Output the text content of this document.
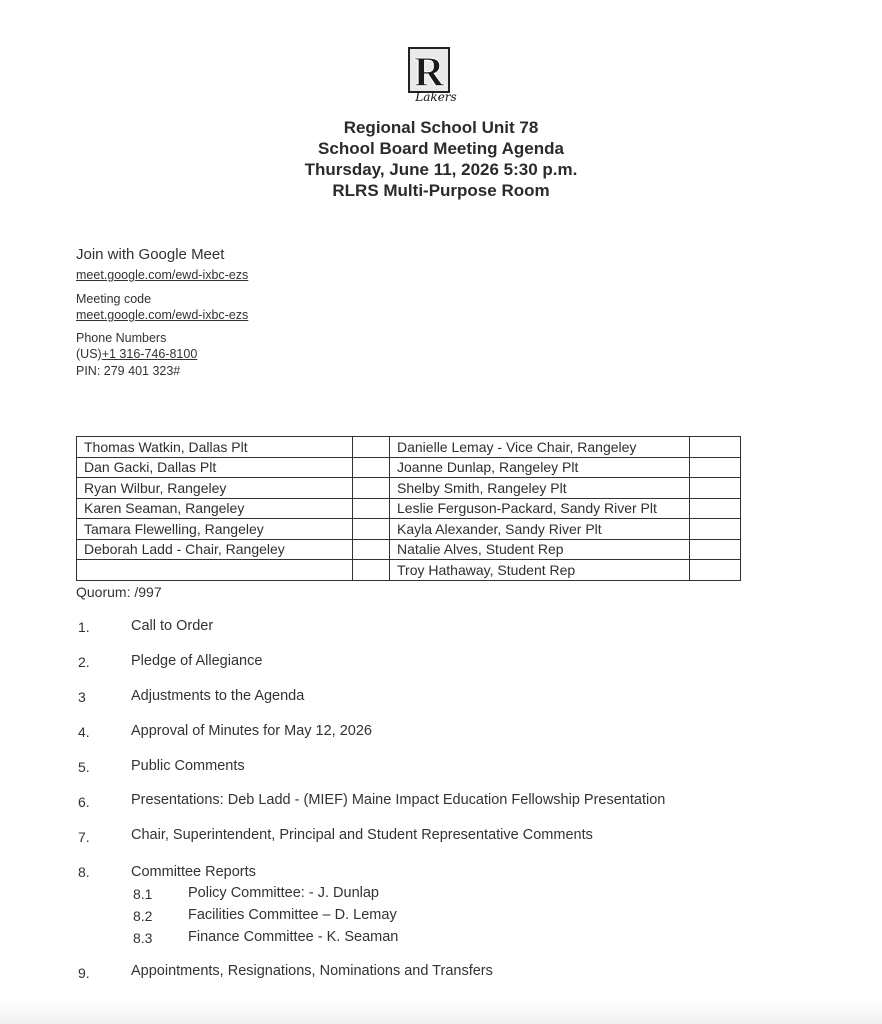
R
Lakers
Regional School Unit 78
School Board Meeting Agenda
Thursday, June 11, 2026 5:30 p.m.
RLRS Multi-Purpose Room
Join with Google Meet
meet.google.com/ewd-ixbc-ezs
Meeting code
meet.google.com/ewd-ixbc-ezs
Phone Numbers
(US)+1 316-746-8100
PIN: 279 401 323#
Thomas Watkin, Dallas Plt		Danielle Lemay - Vice Chair, Rangeley	
Dan Gacki, Dallas Plt		Joanne Dunlap, Rangeley Plt	
Ryan Wilbur, Rangeley		Shelby Smith, Rangeley Plt	
Karen Seaman, Rangeley		Leslie Ferguson-Packard, Sandy River Plt	
Tamara Flewelling, Rangeley		Kayla Alexander, Sandy River Plt	
Deborah Ladd - Chair, Rangeley		Natalie Alves, Student Rep	
		Troy Hathaway, Student Rep	
Quorum: /997
1.	Call to Order
2.	Pledge of Allegiance
3	Adjustments to the Agenda
4.	Approval of Minutes for May 12, 2026
5.	Public Comments
6.	Presentations: Deb Ladd - (MIEF) Maine Impact Education Fellowship Presentation
7.	Chair, Superintendent, Principal and Student Representative Comments
8.	Committee Reports
8.1 Policy Committee: - J. Dunlap
8.2 Facilities Committee – D. Lemay
8.3 Finance Committee - K. Seaman
9.	Appointments, Resignations, Nominations and Transfers
